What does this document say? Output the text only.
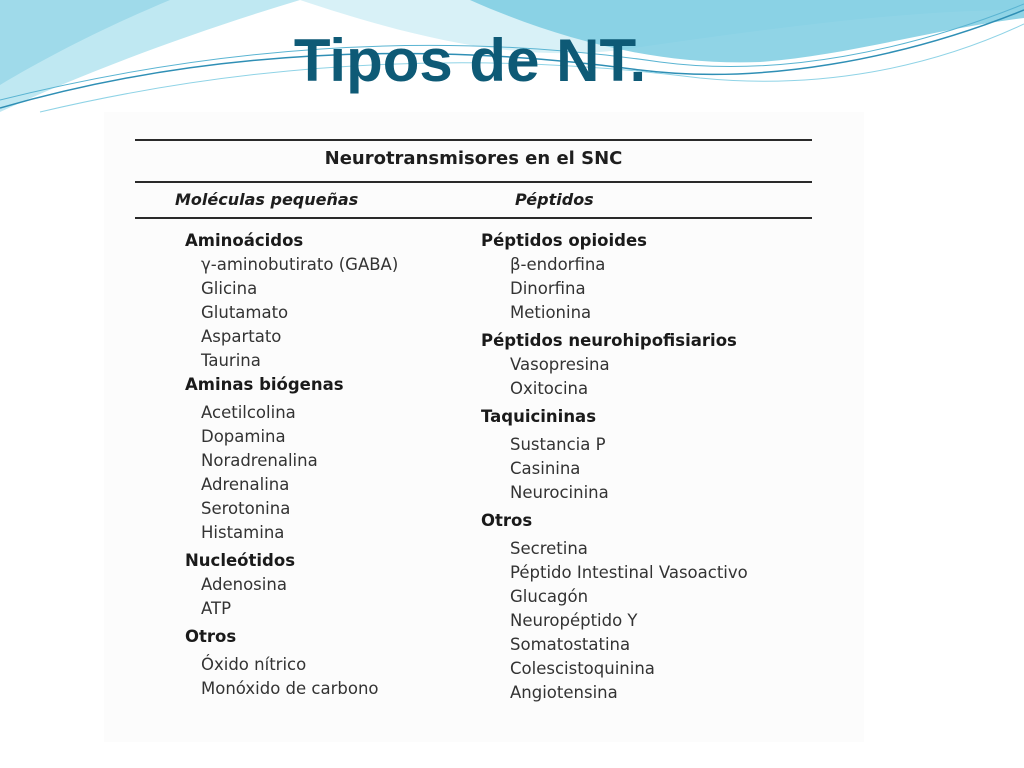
Tipos de NT.
Neurotransmisores en el SNC
Moléculas pequeñas	Péptidos
Aminoácidos
γ-aminobutirato (GABA)
Glicina
Glutamato
Aspartato
Taurina
Aminas biógenas
Acetilcolina
Dopamina
Noradrenalina
Adrenalina
Serotonina
Histamina
Nucleótidos
Adenosina
ATP
Otros
Óxido nítrico
Monóxido de carbono
Péptidos opioides
β-endorfina
Dinorfina
Metionina
Péptidos neurohipofisiarios
Vasopresina
Oxitocina
Taquicininas
Sustancia P
Casinina
Neurocinina
Otros
Secretina
Péptido Intestinal Vasoactivo
Glucagón
Neuropéptido Y
Somatostatina
Colescistoquinina
Angiotensina
